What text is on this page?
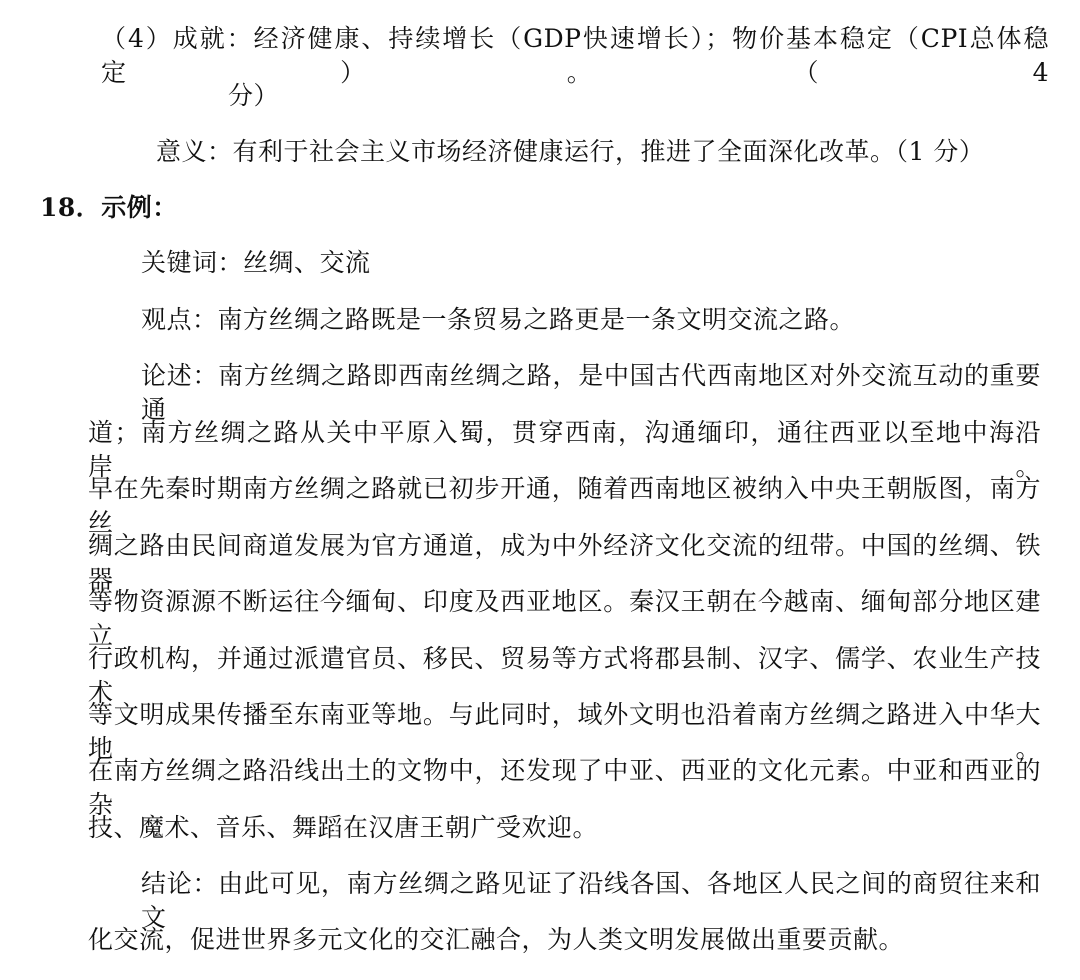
（4）成就：经济健康、持续增长（GDP快速增长）；物价基本稳定（CPI总体稳定）。（4
分）
意义：有利于社会主义市场经济健康运行，推进了全面深化改革。（1 分）
18．示例：
关键词：丝绸、交流
观点：南方丝绸之路既是一条贸易之路更是一条文明交流之路。
论述：南方丝绸之路即西南丝绸之路，是中国古代西南地区对外交流互动的重要通
道；南方丝绸之路从关中平原入蜀，贯穿西南，沟通缅印，通往西亚以至地中海沿岸。
早在先秦时期南方丝绸之路就已初步开通，随着西南地区被纳入中央王朝版图，南方丝
绸之路由民间商道发展为官方通道，成为中外经济文化交流的纽带。中国的丝绸、铁器
等物资源源不断运往今缅甸、印度及西亚地区。秦汉王朝在今越南、缅甸部分地区建立
行政机构，并通过派遣官员、移民、贸易等方式将郡县制、汉字、儒学、农业生产技术
等文明成果传播至东南亚等地。与此同时，域外文明也沿着南方丝绸之路进入中华大地。
在南方丝绸之路沿线出土的文物中，还发现了中亚、西亚的文化元素。中亚和西亚的杂
技、魔术、音乐、舞蹈在汉唐王朝广受欢迎。
结论：由此可见，南方丝绸之路见证了沿线各国、各地区人民之间的商贸往来和文
化交流，促进世界多元文化的交汇融合，为人类文明发展做出重要贡献。
